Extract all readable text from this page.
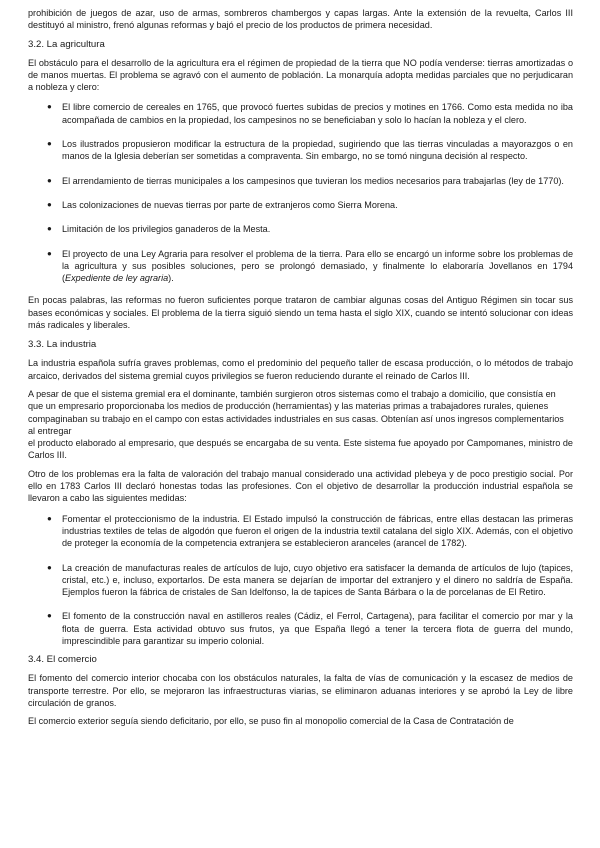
prohibición de juegos de azar, uso de armas, sombreros chambergos y capas largas. Ante la extensión de la revuelta, Carlos III destituyó al ministro, frenó algunas reformas y bajó el precio de los productos de primera necesidad.

3.2. La agricultura

El obstáculo para el desarrollo de la agricultura era el régimen de propiedad de la tierra que NO podía venderse: tierras amortizadas o de manos muertas. El problema se agravó con el aumento de población. La monarquía adopta medidas parciales que no perjudicaran a nobleza y clero:

● El libre comercio de cereales en 1765, que provocó fuertes subidas de precios y motines en 1766. Como esta medida no iba acompañada de cambios en la propiedad, los campesinos no se beneficiaban y solo lo hacían la nobleza y el clero.
● Los ilustrados propusieron modificar la estructura de la propiedad, sugiriendo que las tierras vinculadas a mayorazgos o en manos de la Iglesia deberían ser sometidas a compraventa. Sin embargo, no se tomó ninguna decisión al respecto.
● El arrendamiento de tierras municipales a los campesinos que tuvieran los medios necesarios para trabajarlas (ley de 1770).
● Las colonizaciones de nuevas tierras por parte de extranjeros como Sierra Morena.
● Limitación de los privilegios ganaderos de la Mesta.
● El proyecto de una Ley Agraria para resolver el problema de la tierra. Para ello se encargó un informe sobre los problemas de la agricultura y sus posibles soluciones, pero se prolongó demasiado, y finalmente lo elaboraría Jovellanos en 1794 (Expediente de ley agraria).

En pocas palabras, las reformas no fueron suficientes porque trataron de cambiar algunas cosas del Antiguo Régimen sin tocar sus bases económicas y sociales. El problema de la tierra siguió siendo un tema hasta el siglo XIX, cuando se intentó solucionar con ideas más radicales y liberales.

3.3. La industria

La industria española sufría graves problemas, como el predominio del pequeño taller de escasa producción, o lo métodos de trabajo arcaico, derivados del sistema gremial cuyos privilegios se fueron reduciendo durante el reinado de Carlos III.

A pesar de que el sistema gremial era el dominante, también surgieron otros sistemas como el trabajo a domicilio, que consistía en que un empresario proporcionaba los medios de producción (herramientas) y las materias primas a trabajadores rurales, quienes compaginaban su trabajo en el campo con estas actividades industriales en sus casas. Obtenían así unos ingresos complementarios al entregar

el producto elaborado al empresario, que después se encargaba de su venta. Este sistema fue apoyado por Campomanes, ministro de Carlos III.

Otro de los problemas era la falta de valoración del trabajo manual considerado una actividad plebeya y de poco prestigio social. Por ello en 1783 Carlos III declaró honestas todas las profesiones. Con el objetivo de desarrollar la producción industrial española se llevaron a cabo las siguientes medidas:

● Fomentar el proteccionismo de la industria. El Estado impulsó la construcción de fábricas, entre ellas destacan las primeras industrias textiles de telas de algodón que fueron el origen de la industria textil catalana del siglo XIX. Además, con el objetivo de proteger la economía de la competencia extranjera se establecieron aranceles (arancel de 1782).
● La creación de manufacturas reales de artículos de lujo, cuyo objetivo era satisfacer la demanda de artículos de lujo (tapices, cristal, etc.) e, incluso, exportarlos. De esta manera se dejarían de importar del extranjero y el dinero no saldría de España. Ejemplos fueron la fábrica de cristales de San Idelfonso, la de tapices de Santa Bárbara o la de porcelanas de El Retiro.
● El fomento de la construcción naval en astilleros reales (Cádiz, el Ferrol, Cartagena), para facilitar el comercio por mar y la flota de guerra. Esta actividad obtuvo sus frutos, ya que España llegó a tener la tercera flota de guerra del mundo, imprescindible para garantizar su imperio colonial.
3.4. El comercio

El fomento del comercio interior chocaba con los obstáculos naturales, la falta de vías de comunicación y la escasez de medios de transporte terrestre. Por ello, se mejoraron las infraestructuras viarias, se eliminaron aduanas interiores y se aprobó la Ley de libre circulación de granos.

El comercio exterior seguía siendo deficitario, por ello, se puso fin al monopolio comercial de la Casa de Contratación de
